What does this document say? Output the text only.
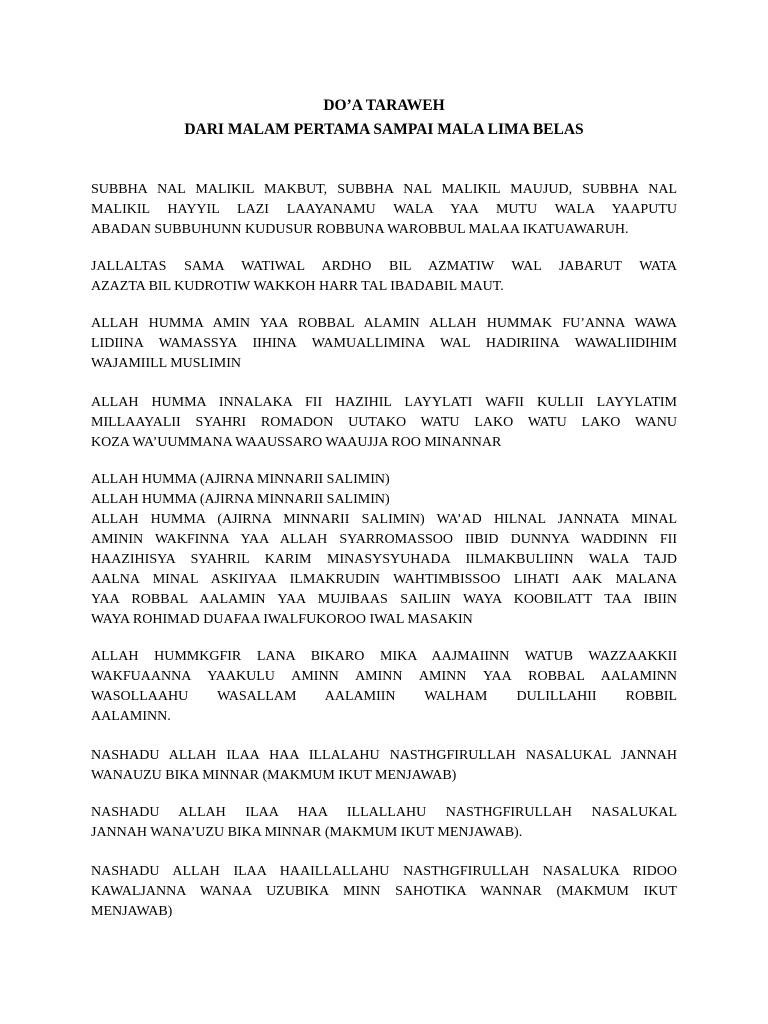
DO’A TARAWEH
DARI MALAM PERTAMA SAMPAI MALA LIMA BELAS
SUBBHA NAL MALIKIL MAKBUT, SUBBHA NAL MALIKIL MAUJUD, SUBBHA NAL
MALIKIL HAYYIL LAZI LAAYANAMU WALA YAA MUTU WALA YAAPUTU
ABADAN SUBBUHUNN KUDUSUR ROBBUNA WAROBBUL MALAA IKATUAWARUH.
JALLALTAS SAMA WATIWAL ARDHO BIL AZMATIW WAL JABARUT WATA
AZAZTA BIL KUDROTIW WAKKOH HARR TAL IBADABIL MAUT.
ALLAH HUMMA AMIN YAA ROBBAL ALAMIN ALLAH HUMMAK FU’ANNA WAWA
LIDIINA WAMASSYA IIHINA WAMUALLIMINA WAL HADIRIINA WAWALIIDIHIM
WAJAMIILL MUSLIMIN
ALLAH HUMMA INNALAKA FII HAZIHIL LAYYLATI WAFII KULLII LAYYLATIM
MILLAAYALII SYAHRI ROMADON UUTAKO WATU LAKO WATU LAKO WANU
KOZA WA’UUMMANA WAAUSSARO WAAUJJA ROO MINANNAR
ALLAH HUMMA (AJIRNA MINNARII SALIMIN)
ALLAH HUMMA (AJIRNA MINNARII SALIMIN)
ALLAH HUMMA (AJIRNA MINNARII SALIMIN) WA’AD HILNAL JANNATA MINAL
AMININ WAKFINNA YAA ALLAH SYARROMASSOO IIBID DUNNYA WADDINN FII
HAAZIHISYA SYAHRIL KARIM MINASYSYUHADA IILMAKBULIINN WALA TAJD
AALNA MINAL ASKIIYAA ILMAKRUDIN WAHTIMBISSOO LIHATI AAK MALANA
YAA ROBBAL AALAMIN YAA MUJIBAAS SAILIIN WAYA KOOBILATT TAA IBIIN
WAYA ROHIMAD DUAFAA IWALFUKOROO IWAL MASAKIN
ALLAH HUMMKGFIR LANA BIKARO MIKA AAJMAIINN WATUB WAZZAAKKII
WAKFUAANNA YAAKULU AMINN AMINN AMINN YAA ROBBAL AALAMINN
WASOLLAAHU WASALLAM AALAMIIN WALHAM DULILLAHII ROBBIL
AALAMINN.
NASHADU ALLAH ILAA HAA ILLALAHU NASTHGFIRULLAH NASALUKAL JANNAH
WANAUZU BIKA MINNAR (MAKMUM IKUT MENJAWAB)
NASHADU ALLAH ILAA HAA ILLALLAHU NASTHGFIRULLAH NASALUKAL
JANNAH WANA’UZU BIKA MINNAR (MAKMUM IKUT MENJAWAB).
NASHADU ALLAH ILAA HAAILLALLAHU NASTHGFIRULLAH NASALUKA RIDOO
KAWALJANNA WANAA UZUBIKA MINN SAHOTIKA WANNAR (MAKMUM IKUT
MENJAWAB)
